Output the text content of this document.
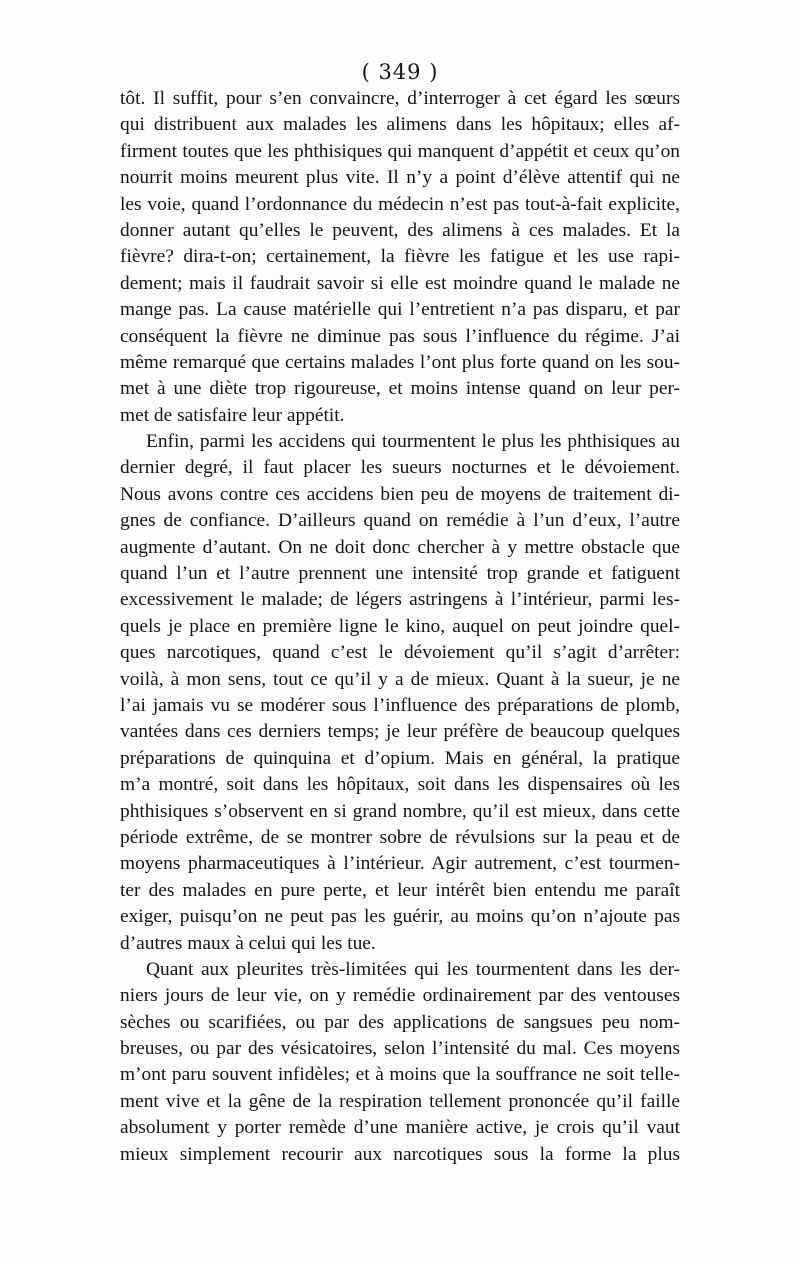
( 349 )
tôt. Il suffit, pour s’en convaincre, d’interroger à cet égard les sœurs
qui distribuent aux malades les alimens dans les hôpitaux; elles af-
firment toutes que les phthisiques qui manquent d’appétit et ceux qu’on
nourrit moins meurent plus vite. Il n’y a point d’élève attentif qui ne
les voie, quand l’ordonnance du médecin n’est pas tout-à-fait explicite,
donner autant qu’elles le peuvent, des alimens à ces malades. Et la
fièvre? dira-t-on; certainement, la fièvre les fatigue et les use rapi-
dement; mais il faudrait savoir si elle est moindre quand le malade ne
mange pas. La cause matérielle qui l’entretient n’a pas disparu, et par
conséquent la fièvre ne diminue pas sous l’influence du régime. J’ai
même remarqué que certains malades l’ont plus forte quand on les sou-
met à une diète trop rigoureuse, et moins intense quand on leur per-
met de satisfaire leur appétit.
Enfin, parmi les accidens qui tourmentent le plus les phthisiques au
dernier degré, il faut placer les sueurs nocturnes et le dévoiement.
Nous avons contre ces accidens bien peu de moyens de traitement di-
gnes de confiance. D’ailleurs quand on remédie à l’un d’eux, l’autre
augmente d’autant. On ne doit donc chercher à y mettre obstacle que
quand l’un et l’autre prennent une intensité trop grande et fatiguent
excessivement le malade; de légers astringens à l’intérieur, parmi les-
quels je place en première ligne le kino, auquel on peut joindre quel-
ques narcotiques, quand c’est le dévoiement qu’il s’agit d’arrêter:
voilà, à mon sens, tout ce qu’il y a de mieux. Quant à la sueur, je ne
l’ai jamais vu se modérer sous l’influence des préparations de plomb,
vantées dans ces derniers temps; je leur préfère de beaucoup quelques
préparations de quinquina et d’opium. Mais en général, la pratique
m’a montré, soit dans les hôpitaux, soit dans les dispensaires où les
phthisiques s’observent en si grand nombre, qu’il est mieux, dans cette
période extrême, de se montrer sobre de révulsions sur la peau et de
moyens pharmaceutiques à l’intérieur. Agir autrement, c’est tourmen-
ter des malades en pure perte, et leur intérêt bien entendu me paraît
exiger, puisqu’on ne peut pas les guérir, au moins qu’on n’ajoute pas
d’autres maux à celui qui les tue.
Quant aux pleurites très-limitées qui les tourmentent dans les der-
niers jours de leur vie, on y remédie ordinairement par des ventouses
sèches ou scarifiées, ou par des applications de sangsues peu nom-
breuses, ou par des vésicatoires, selon l’intensité du mal. Ces moyens
m’ont paru souvent infidèles; et à moins que la souffrance ne soit telle-
ment vive et la gêne de la respiration tellement prononcée qu’il faille
absolument y porter remède d’une manière active, je crois qu’il vaut
mieux simplement recourir aux narcotiques sous la forme la plus
